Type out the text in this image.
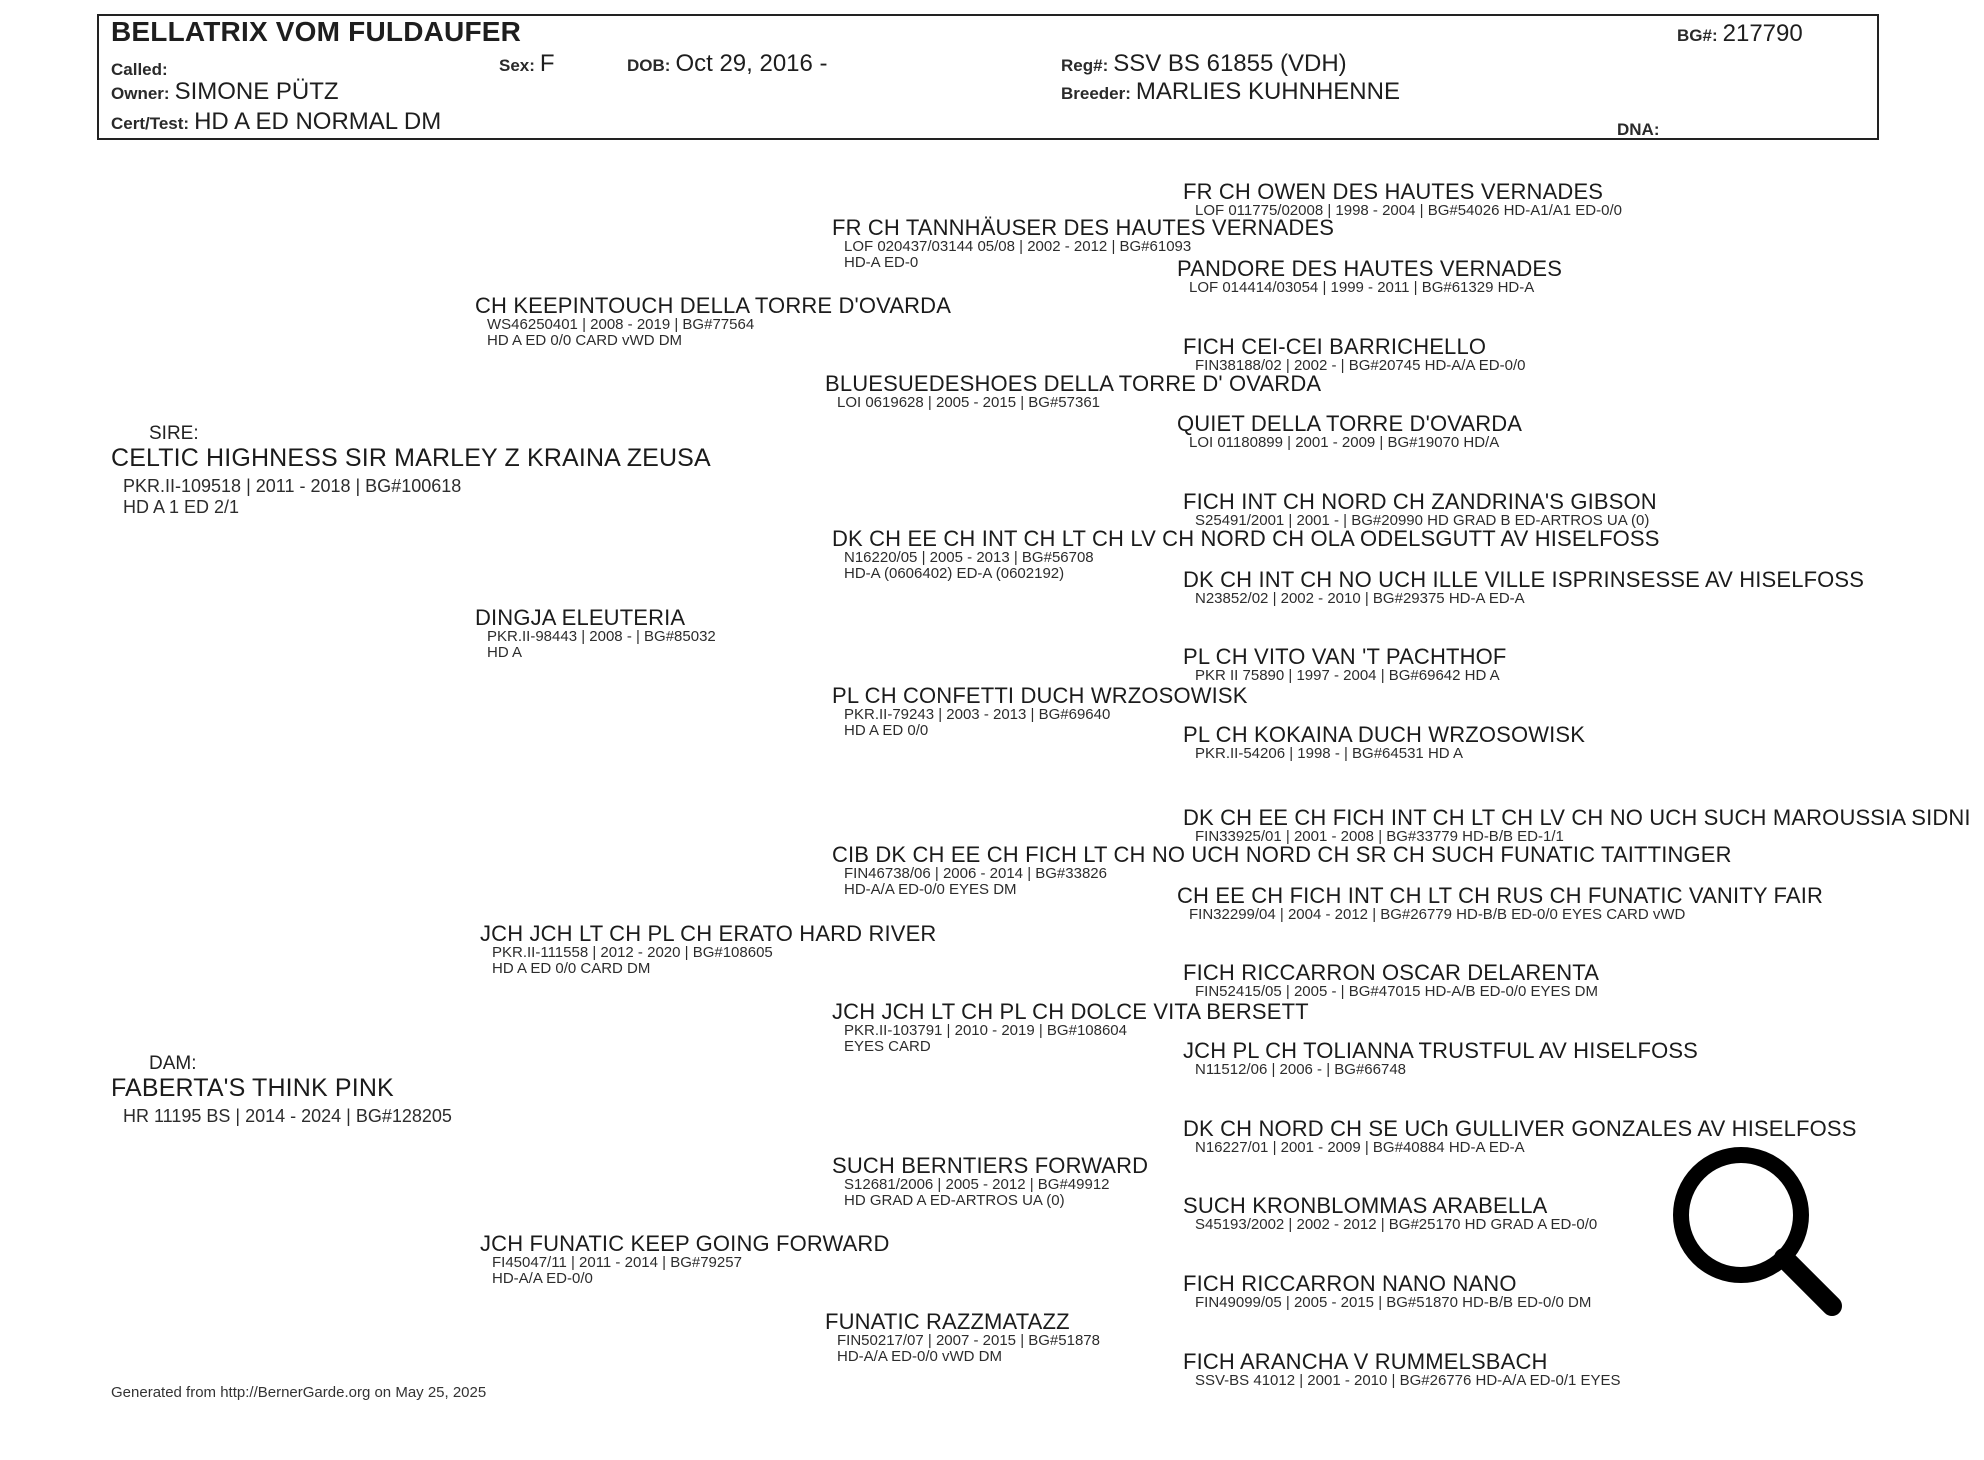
BELLATRIX VOM FULDAUFER	BG#: 217790
Called:	Sex: F	DOB: Oct 29, 2016 -	Reg#: SSV BS 61855 (VDH)
Owner: SIMONE PÜTZ	Breeder: MARLIES KUHNHENNE
Cert/Test: HD A ED NORMAL DM	DNA:
SIRE:
CELTIC HIGHNESS SIR MARLEY Z KRAINA ZEUSA
PKR.II-109518 | 2011 - 2018 | BG#100618
HD A 1 ED 2/1
DAM:
FABERTA'S THINK PINK
HR 11195 BS | 2014 - 2024 | BG#128205
CH KEEPINTOUCH DELLA TORRE D'OVARDA
WS46250401 | 2008 - 2019 | BG#77564
HD A ED 0/0 CARD vWD DM
DINGJA ELEUTERIA
PKR.II-98443 | 2008 - | BG#85032
HD A
JCH JCH LT CH PL CH ERATO HARD RIVER
PKR.II-111558 | 2012 - 2020 | BG#108605
HD A ED 0/0 CARD DM
JCH FUNATIC KEEP GOING FORWARD
FI45047/11 | 2011 - 2014 | BG#79257
HD-A/A ED-0/0
FR CH TANNHÄUSER DES HAUTES VERNADES
LOF 020437/03144 05/08 | 2002 - 2012 | BG#61093
HD-A ED-0
BLUESUEDESHOES DELLA TORRE D' OVARDA
LOI 0619628 | 2005 - 2015 | BG#57361
DK CH EE CH INT CH LT CH LV CH NORD CH OLA ODELSGUTT AV HISELFOSS
N16220/05 | 2005 - 2013 | BG#56708
HD-A (0606402) ED-A (0602192)
PL CH CONFETTI DUCH WRZOSOWISK
PKR.II-79243 | 2003 - 2013 | BG#69640
HD A ED 0/0
CIB DK CH EE CH FICH LT CH NO UCH NORD CH SR CH SUCH FUNATIC TAITTINGER
FIN46738/06 | 2006 - 2014 | BG#33826
HD-A/A ED-0/0 EYES DM
JCH JCH LT CH PL CH DOLCE VITA BERSETT
PKR.II-103791 | 2010 - 2019 | BG#108604
EYES CARD
SUCH BERNTIERS FORWARD
S12681/2006 | 2005 - 2012 | BG#49912
HD GRAD A ED-ARTROS UA (0)
FUNATIC RAZZMATAZZ
FIN50217/07 | 2007 - 2015 | BG#51878
HD-A/A ED-0/0 vWD DM
FR CH OWEN DES HAUTES VERNADES
LOF 011775/02008 | 1998 - 2004 | BG#54026 HD-A1/A1 ED-0/0
PANDORE DES HAUTES VERNADES
LOF 014414/03054 | 1999 - 2011 | BG#61329 HD-A
FICH CEI-CEI BARRICHELLO
FIN38188/02 | 2002 - | BG#20745 HD-A/A ED-0/0
QUIET DELLA TORRE D'OVARDA
LOI 01180899 | 2001 - 2009 | BG#19070 HD/A
FICH INT CH NORD CH ZANDRINA'S GIBSON
S25491/2001 | 2001 - | BG#20990 HD GRAD B ED-ARTROS UA (0)
DK CH INT CH NO UCH ILLE VILLE ISPRINSESSE AV HISELFOSS
N23852/02 | 2002 - 2010 | BG#29375 HD-A ED-A
PL CH VITO VAN 'T PACHTHOF
PKR II 75890 | 1997 - 2004 | BG#69642 HD A
PL CH KOKAINA DUCH WRZOSOWISK
PKR.II-54206 | 1998 - | BG#64531 HD A
DK CH EE CH FICH INT CH LT CH LV CH NO UCH SUCH MAROUSSIA SIDNI
FIN33925/01 | 2001 - 2008 | BG#33779 HD-B/B ED-1/1
CH EE CH FICH INT CH LT CH RUS CH FUNATIC VANITY FAIR
FIN32299/04 | 2004 - 2012 | BG#26779 HD-B/B ED-0/0 EYES CARD vWD
FICH RICCARRON OSCAR DELARENTA
FIN52415/05 | 2005 - | BG#47015 HD-A/B ED-0/0 EYES DM
JCH PL CH TOLIANNA TRUSTFUL AV HISELFOSS
N11512/06 | 2006 - | BG#66748
DK CH NORD CH SE UCh GULLIVER GONZALES AV HISELFOSS
N16227/01 | 2001 - 2009 | BG#40884 HD-A ED-A
SUCH KRONBLOMMAS ARABELLA
S45193/2002 | 2002 - 2012 | BG#25170 HD GRAD A ED-0/0
FICH RICCARRON NANO NANO
FIN49099/05 | 2005 - 2015 | BG#51870 HD-B/B ED-0/0 DM
FICH ARANCHA V RUMMELSBACH
SSV-BS 41012 | 2001 - 2010 | BG#26776 HD-A/A ED-0/1 EYES
Generated from http://BernerGarde.org on May 25, 2025
